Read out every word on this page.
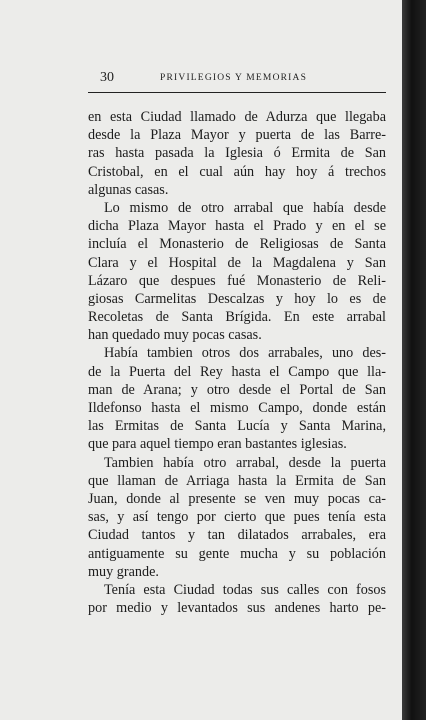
30	PRIVILEGIOS Y MEMORIAS
en esta Ciudad llamado de Adurza que llegaba
desde la Plaza Mayor y puerta de las Barre-
ras hasta pasada la Iglesia ó Ermita de San
Cristobal, en el cual aún hay hoy á trechos
algunas casas.
Lo mismo de otro arrabal que había desde
dicha Plaza Mayor hasta el Prado y en el se
incluía el Monasterio de Religiosas de Santa
Clara y el Hospital de la Magdalena y San
Lázaro que despues fué Monasterio de Reli-
giosas Carmelitas Descalzas y hoy lo es de
Recoletas de Santa Brígida. En este arrabal
han quedado muy pocas casas.
Había tambien otros dos arrabales, uno des-
de la Puerta del Rey hasta el Campo que lla-
man de Arana; y otro desde el Portal de San
Ildefonso hasta el mismo Campo, donde están
las Ermitas de Santa Lucía y Santa Marina,
que para aquel tiempo eran bastantes iglesias.
Tambien había otro arrabal, desde la puerta
que llaman de Arriaga hasta la Ermita de San
Juan, donde al presente se ven muy pocas ca-
sas, y así tengo por cierto que pues tenía esta
Ciudad tantos y tan dilatados arrabales, era
antiguamente su gente mucha y su población
muy grande.
Tenía esta Ciudad todas sus calles con fosos
por medio y levantados sus andenes harto pe-
